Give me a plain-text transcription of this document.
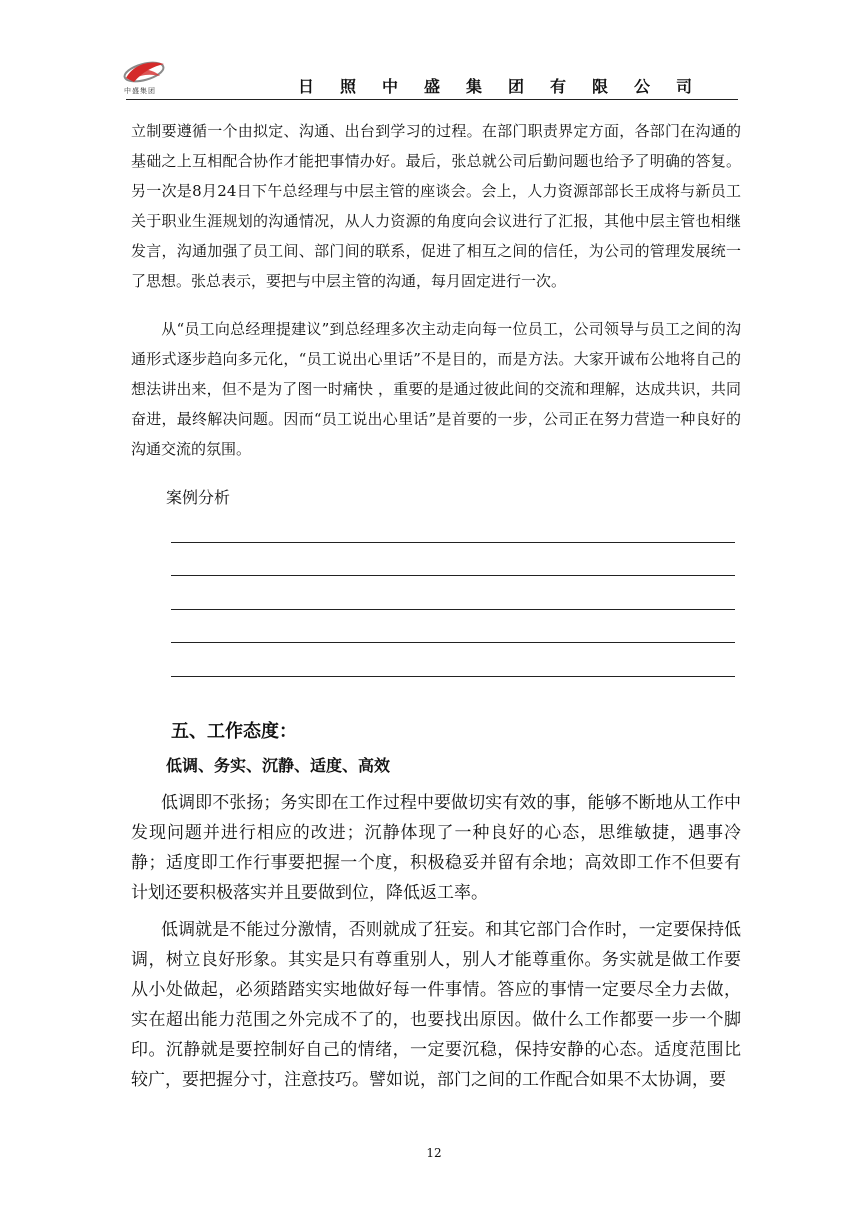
中盛集团	日照中盛集团有限公司
立制要遵循一个由拟定、沟通、出台到学习的过程。在部门职责界定方面，各部门在沟通的基础之上互相配合协作才能把事情办好。最后，张总就公司后勤问题也给予了明确的答复。另一次是8月24日下午总经理与中层主管的座谈会。会上，人力资源部部长王成将与新员工关于职业生涯规划的沟通情况，从人力资源的角度向会议进行了汇报，其他中层主管也相继发言，沟通加强了员工间、部门间的联系，促进了相互之间的信任，为公司的管理发展统一了思想。张总表示，要把与中层主管的沟通，每月固定进行一次。
从“员工向总经理提建议”到总经理多次主动走向每一位员工，公司领导与员工之间的沟通形式逐步趋向多元化，“员工说出心里话”不是目的，而是方法。大家开诚布公地将自己的想法讲出来，但不是为了图一时痛快 ，重要的是通过彼此间的交流和理解，达成共识，共同奋进，最终解决问题。因而“员工说出心里话”是首要的一步，公司正在努力营造一种良好的沟通交流的氛围。
案例分析
五、工作态度：
低调、务实、沉静、适度、高效
低调即不张扬；务实即在工作过程中要做切实有效的事，能够不断地从工作中发现问题并进行相应的改进；沉静体现了一种良好的心态，思维敏捷，遇事冷静；适度即工作行事要把握一个度，积极稳妥并留有余地；高效即工作不但要有计划还要积极落实并且要做到位，降低返工率。
低调就是不能过分激情，否则就成了狂妄。和其它部门合作时，一定要保持低调，树立良好形象。其实是只有尊重别人，别人才能尊重你。务实就是做工作要从小处做起，必须踏踏实实地做好每一件事情。答应的事情一定要尽全力去做，实在超出能力范围之外完成不了的，也要找出原因。做什么工作都要一步一个脚印。沉静就是要控制好自己的情绪，一定要沉稳，保持安静的心态。适度范围比较广，要把握分寸，注意技巧。譬如说，部门之间的工作配合如果不太协调，要
12
